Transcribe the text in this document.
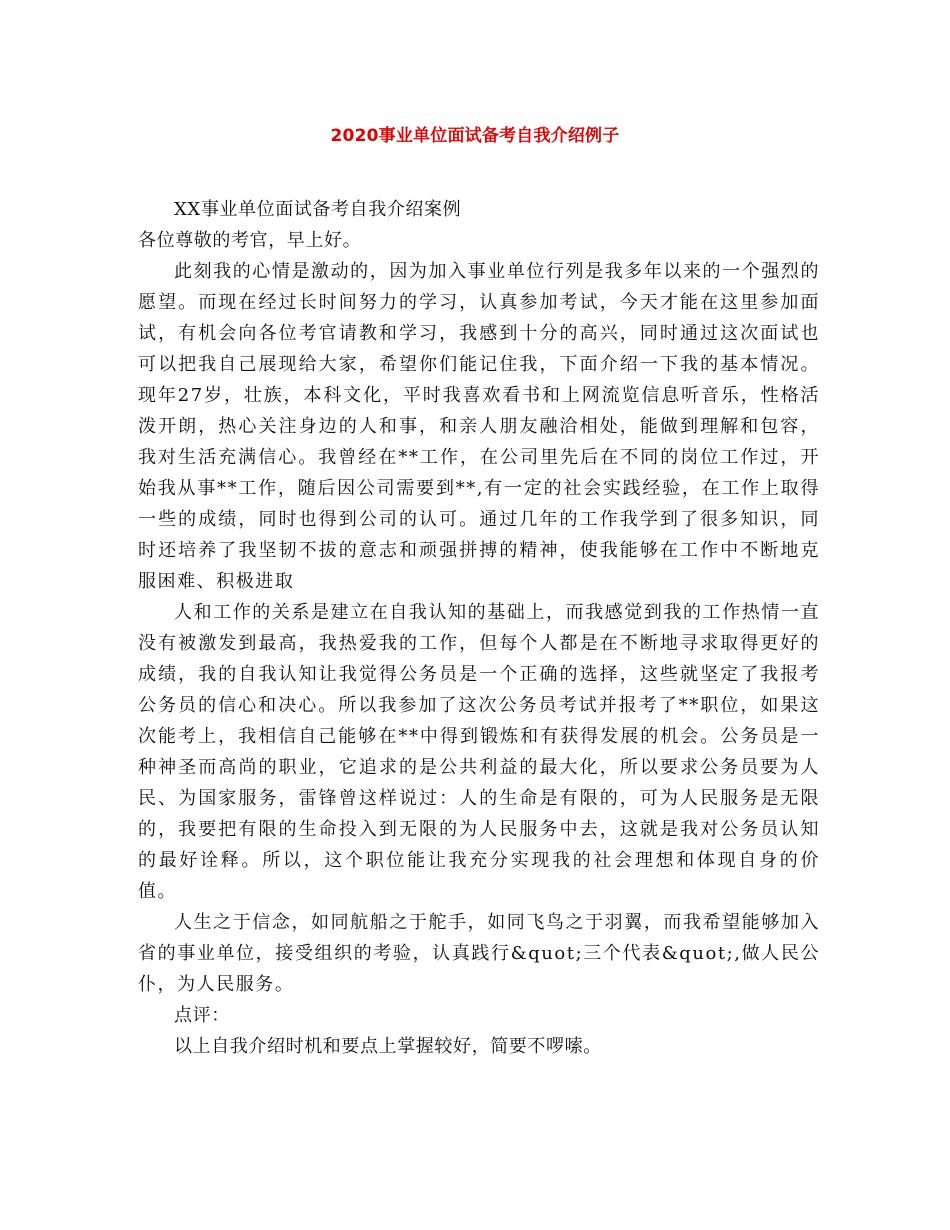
2020事业单位面试备考自我介绍例子

XX事业单位面试备考自我介绍案例

各位尊敬的考官，早上好。

此刻我的心情是激动的，因为加入事业单位行列是我多年以来的一个强烈的愿望。而现在经过长时间努力的学习，认真参加考试，今天才能在这里参加面试，有机会向各位考官请教和学习，我感到十分的高兴，同时通过这次面试也可以把我自己展现给大家，希望你们能记住我，下面介绍一下我的基本情况。现年27岁，壮族，本科文化，平时我喜欢看书和上网流览信息听音乐，性格活泼开朗，热心关注身边的人和事，和亲人朋友融洽相处，能做到理解和包容，我对生活充满信心。我曾经在**工作，在公司里先后在不同的岗位工作过，开始我从事**工作，随后因公司需要到**,有一定的社会实践经验，在工作上取得一些的成绩，同时也得到公司的认可。通过几年的工作我学到了很多知识，同时还培养了我坚韧不拔的意志和顽强拼搏的精神，使我能够在工作中不断地克服困难、积极进取

人和工作的关系是建立在自我认知的基础上，而我感觉到我的工作热情一直没有被激发到最高，我热爱我的工作，但每个人都是在不断地寻求取得更好的成绩，我的自我认知让我觉得公务员是一个正确的选择，这些就坚定了我报考公务员的信心和决心。所以我参加了这次公务员考试并报考了**职位，如果这次能考上，我相信自己能够在**中得到锻炼和有获得发展的机会。公务员是一种神圣而高尚的职业，它追求的是公共利益的最大化，所以要求公务员要为人民、为国家服务，雷锋曾这样说过：人的生命是有限的，可为人民服务是无限的，我要把有限的生命投入到无限的为人民服务中去，这就是我对公务员认知的最好诠释。所以，这个职位能让我充分实现我的社会理想和体现自身的价值。

人生之于信念，如同航船之于舵手，如同飞鸟之于羽翼，而我希望能够加入省的事业单位，接受组织的考验，认真践行&quot;三个代表&quot;,做人民公仆，为人民服务。

点评：

以上自我介绍时机和要点上掌握较好，简要不啰嗦。
